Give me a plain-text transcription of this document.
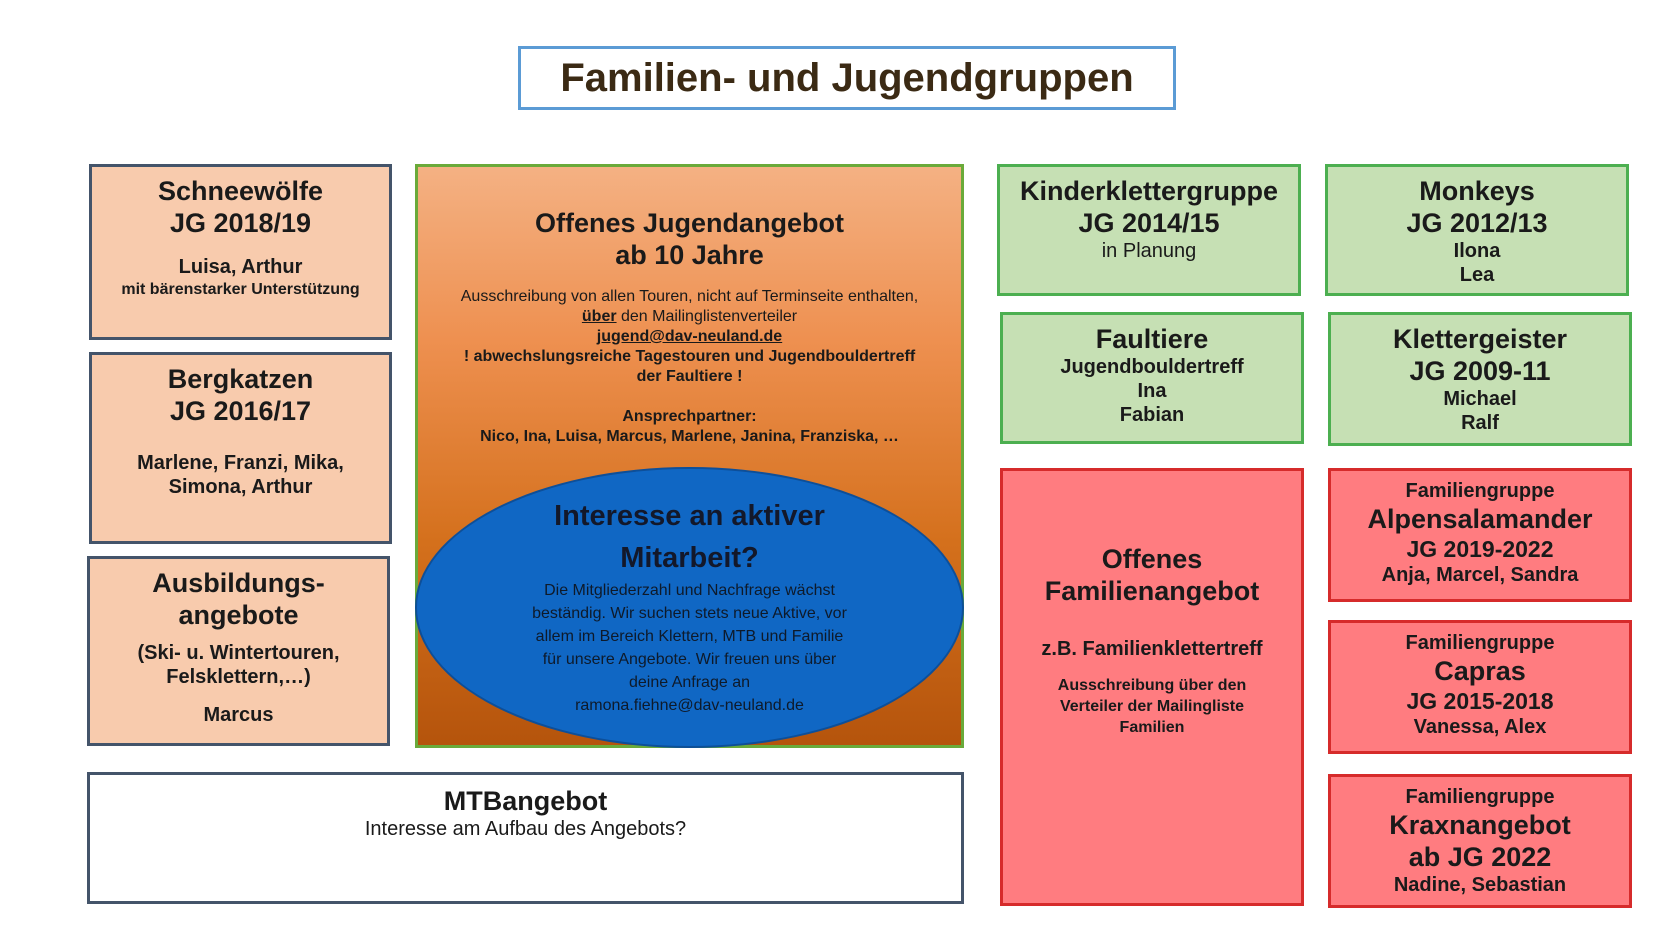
Familien- und Jugendgruppen
Schneewölfe
JG 2018/19
Luisa, Arthur
mit bärenstarker Unterstützung
Bergkatzen
JG 2016/17
Marlene, Franzi, Mika,
Simona, Arthur
Ausbildungs-
angebote
(Ski- u. Wintertouren,
Felsklettern,…)
Marcus
Offenes Jugendangebot
ab 10 Jahre
Ausschreibung von allen Touren, nicht auf Terminseite enthalten,
über den Mailinglistenverteiler
jugend@dav-neuland.de
! abwechslungsreiche Tagestouren und Jugendbouldertreff
der Faultiere !
Ansprechpartner:
Nico, Ina, Luisa, Marcus, Marlene, Janina, Franziska, …
Interesse an aktiver
Mitarbeit?
Die Mitgliederzahl und Nachfrage wächst
beständig. Wir suchen stets neue Aktive, vor
allem im Bereich Klettern, MTB und Familie
für unsere Angebote. Wir freuen uns über
deine Anfrage an
ramona.fiehne@dav-neuland.de
MTBangebot
Interesse am Aufbau des Angebots?
Kinderklettergruppe
JG 2014/15
in Planung
Monkeys
JG 2012/13
Ilona
Lea
Faultiere
Jugendbouldertreff
Ina
Fabian
Klettergeister
JG 2009-11
Michael
Ralf
Offenes
Familienangebot
z.B. Familienklettertreff
Ausschreibung über den
Verteiler der Mailingliste
Familien
Familiengruppe
Alpensalamander
JG 2019-2022
Anja, Marcel, Sandra
Familiengruppe
Capras
JG 2015-2018
Vanessa, Alex
Familiengruppe
Kraxnangebot
ab JG 2022
Nadine, Sebastian
